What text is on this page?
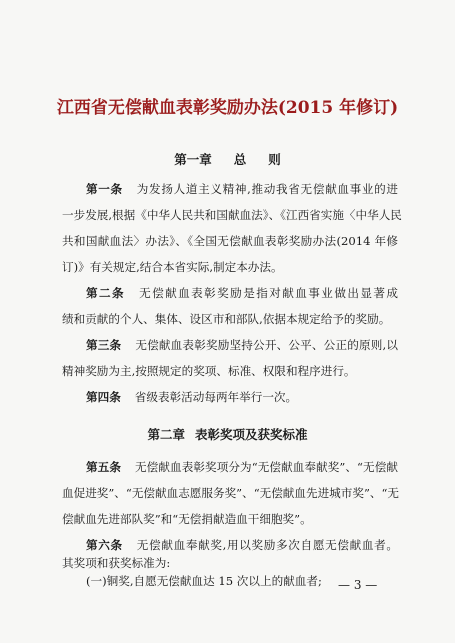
江西省无偿献血表彰奖励办法(2015 年修订)
第一章 总 则
第一条 为发扬人道主义精神,推动我省无偿献血事业的进
一步发展,根据《中华人民共和国献血法》、《江西省实施〈中华人民
共和国献血法〉办法》、《全国无偿献血表彰奖励办法(2014 年修
订)》有关规定,结合本省实际,制定本办法。
第二条 无偿献血表彰奖励是指对献血事业做出显著成
绩和贡献的个人、集体、设区市和部队,依据本规定给予的奖励。
第三条 无偿献血表彰奖励坚持公开、公平、公正的原则,以
精神奖励为主,按照规定的奖项、标准、权限和程序进行。
第四条 省级表彰活动每两年举行一次。
第二章 表彰奖项及获奖标准
第五条 无偿献血表彰奖项分为“无偿献血奉献奖”、“无偿献
血促进奖”、“无偿献血志愿服务奖”、“无偿献血先进城市奖”、“无
偿献血先进部队奖”和“无偿捐献造血干细胞奖”。
第六条 无偿献血奉献奖,用以奖励多次自愿无偿献血者。
其奖项和获奖标准为:
(一)铜奖,自愿无偿献血达 15 次以上的献血者;	— 3 —
